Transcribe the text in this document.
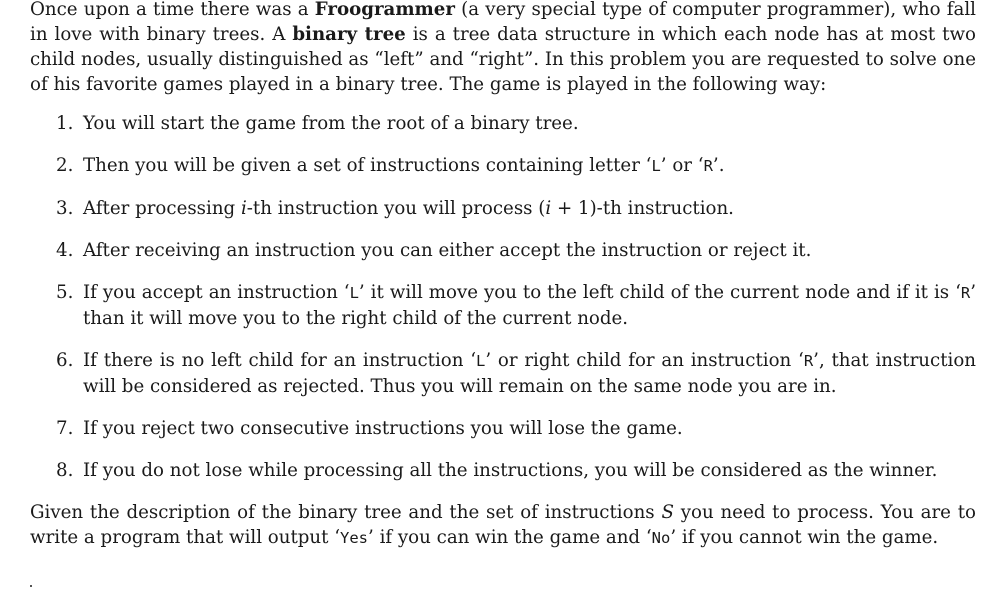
Once upon a time there was a Froogrammer (a very special type of computer programmer), who fall in love with binary trees. A binary tree is a tree data structure in which each node has at most two child nodes, usually distinguished as “left” and “right”. In this problem you are requested to solve one of his favorite games played in a binary tree. The game is played in the following way:

1. You will start the game from the root of a binary tree.
2. Then you will be given a set of instructions containing letter ‘L’ or ‘R’.
3. After processing i-th instruction you will process (i + 1)-th instruction.
4. After receiving an instruction you can either accept the instruction or reject it.
5. If you accept an instruction ‘L’ it will move you to the left child of the current node and if it is ‘R’ than it will move you to the right child of the current node.
6. If there is no left child for an instruction ‘L’ or right child for an instruction ‘R’, that instruction will be considered as rejected. Thus you will remain on the same node you are in.
7. If you reject two consecutive instructions you will lose the game.
8. If you do not lose while processing all the instructions, you will be considered as the winner.

Given the description of the binary tree and the set of instructions S you need to process. You are to write a program that will output ‘Yes’ if you can win the game and ‘No’ if you cannot win the game.
